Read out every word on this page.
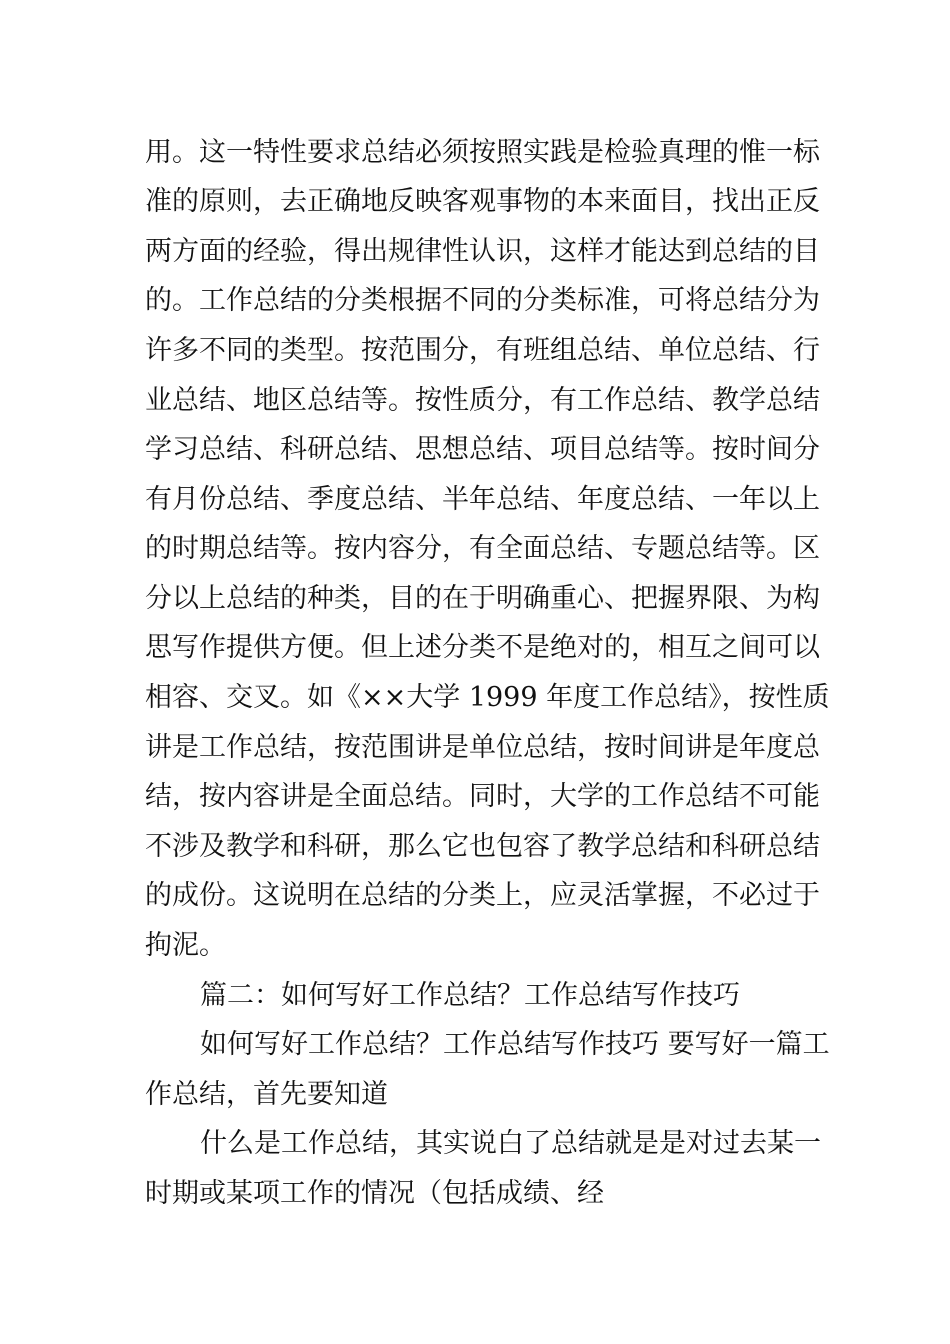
用。这一特性要求总结必须按照实践是检验真理的惟一标
准的原则，去正确地反映客观事物的本来面目，找出正反
两方面的经验，得出规律性认识，这样才能达到总结的目
的。工作总结的分类根据不同的分类标准，可将总结分为
许多不同的类型。按范围分，有班组总结、单位总结、行
业总结、地区总结等。按性质分，有工作总结、教学总结
学习总结、科研总结、思想总结、项目总结等。按时间分
有月份总结、季度总结、半年总结、年度总结、一年以上
的时期总结等。按内容分，有全面总结、专题总结等。区
分以上总结的种类，目的在于明确重心、把握界限、为构
思写作提供方便。但上述分类不是绝对的，相互之间可以
相容、交叉。如《××大学 1999 年度工作总结》，按性质
讲是工作总结，按范围讲是单位总结，按时间讲是年度总
结，按内容讲是全面总结。同时，大学的工作总结不可能
不涉及教学和科研，那么它也包容了教学总结和科研总结
的成份。这说明在总结的分类上，应灵活掌握，不必过于
拘泥。
篇二：如何写好工作总结？工作总结写作技巧
如何写好工作总结？工作总结写作技巧 要写好一篇工
作总结，首先要知道
什么是工作总结，其实说白了总结就是是对过去某一
时期或某项工作的情况（包括成绩、经
